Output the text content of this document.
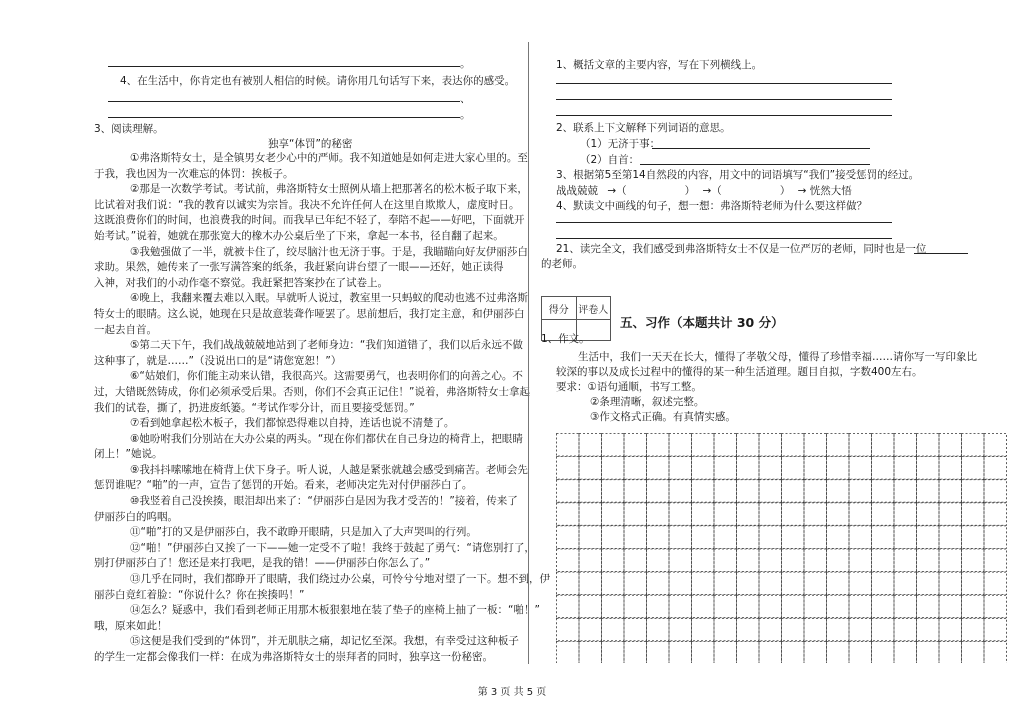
。
4、在生活中，你肯定也有被别人相信的时候。请你用几句话写下来，表达你的感受。
、
。
3、阅读理解。
独享“体罚”的秘密
①弗洛斯特女士，是全镇男女老少心中的严师。我不知道她是如何走进大家心里的。至
于我，我也因为一次难忘的体罚：挨板子。
②那是一次数学考试。考试前，弗洛斯特女士照例从墙上把那著名的松木板子取下来，
比试着对我们说：“我的教育以诚实为宗旨。我决不允许任何人在这里自欺欺人，虚度时日。
这既浪费你们的时间，也浪费我的时间。而我早已年纪不轻了，奉陪不起——好吧，下面就开
始考试。”说着，她就在那张宽大的橡木办公桌后坐了下来，拿起一本书，径自翻了起来。
③我勉强做了一半，就被卡住了，绞尽脑汁也无济于事。于是，我瞄瞄向好友伊丽莎白
求助。果然，她传来了一张写满答案的纸条，我赶紧向讲台望了一眼——还好，她正读得
入神，对我们的小动作毫不察觉。我赶紧把答案抄在了试卷上。
④晚上，我翻来覆去难以入眠。早就听人说过，教室里一只蚂蚁的爬动也逃不过弗洛斯
特女士的眼睛。这么说，她现在只是故意装聋作哑罢了。思前想后，我打定主意，和伊丽莎白
一起去自首。
⑤第二天下午，我们战战兢兢地站到了老师身边：“我们知道错了，我们以后永远不做
这种事了，就是……”（没说出口的是“请您宽恕！”）
⑥“姑娘们，你们能主动来认错，我很高兴。这需要勇气，也表明你们的向善之心。不
过，大错既然铸成，你们必须承受后果。否则，你们不会真正记住！”说着，弗洛斯特女士拿起
我们的试卷，撕了，扔进废纸篓。“考试作零分计，而且要接受惩罚。”
⑦看到她拿起松木板子，我们都惊恐得难以自持，连话也说不清楚了。
⑧她吩咐我们分别站在大办公桌的两头。“现在你们都伏在自己身边的椅背上，把眼睛
闭上！”她说。
⑨我抖抖嗦嗦地在椅背上伏下身子。听人说，人越是紧张就越会感受到痛苦。老师会先
惩罚谁呢？“啪”的一声，宣告了惩罚的开始。看来，老师决定先对付伊丽莎白了。
⑩我竖着自己没挨揍，眼泪却出来了：“伊丽莎白是因为我才受苦的！”接着，传来了
伊丽莎白的呜咽。
⑪“啪”打的又是伊丽莎白，我不敢睁开眼睛，只是加入了大声哭叫的行列。
⑫“啪！”伊丽莎白又挨了一下——她一定受不了啦！我终于鼓起了勇气：“请您别打了，
别打伊丽莎白了！您还是来打我吧，是我的错！——伊丽莎白你怎么了。”
⑬几乎在同时，我们都睁开了眼睛，我们绕过办公桌，可怜兮兮地对望了一下。想不到，伊
丽莎白竟红着脸：“你说什么？你在挨揍吗！”
⑭怎么？疑惑中，我们看到老师正用那木板狠狠地在装了垫子的座椅上抽了一板：“啪！”
哦，原来如此！
⑮这便是我们受到的“体罚”，并无肌肤之痛，却记忆至深。我想，有幸受过这种板子
的学生一定都会像我们一样：在成为弗洛斯特女士的崇拜者的同时，独享这一份秘密。
1、概括文章的主要内容，写在下列横线上。
2、联系上下文解释下列词语的意思。
（1）无济于事：
（2）自首：
3、根据第5至第14自然段的内容，用文中的词语填写“我们”接受惩罚的经过。
战战兢兢 →（	） →（	） → 恍然大悟
4、默读文中画线的句子，想一想：弗洛斯特老师为什么要这样做？
21、读完全文，我们感受到弗洛斯特女士不仅是一位严厉的老师，同时也是一位
的老师。
得分 评卷人
五、习作（本题共计 30 分）
1、作文。
生活中，我们一天天在长大，懂得了孝敬父母，懂得了珍惜幸福……请你写一写印象比
较深的事以及成长过程中的懂得的某一种生活道理。题目自拟，字数400左右。
要求：①语句通顺，书写工整。
②条理清晰，叙述完整。
③作文格式正确。有真情实感。
第 3 页 共 5 页
